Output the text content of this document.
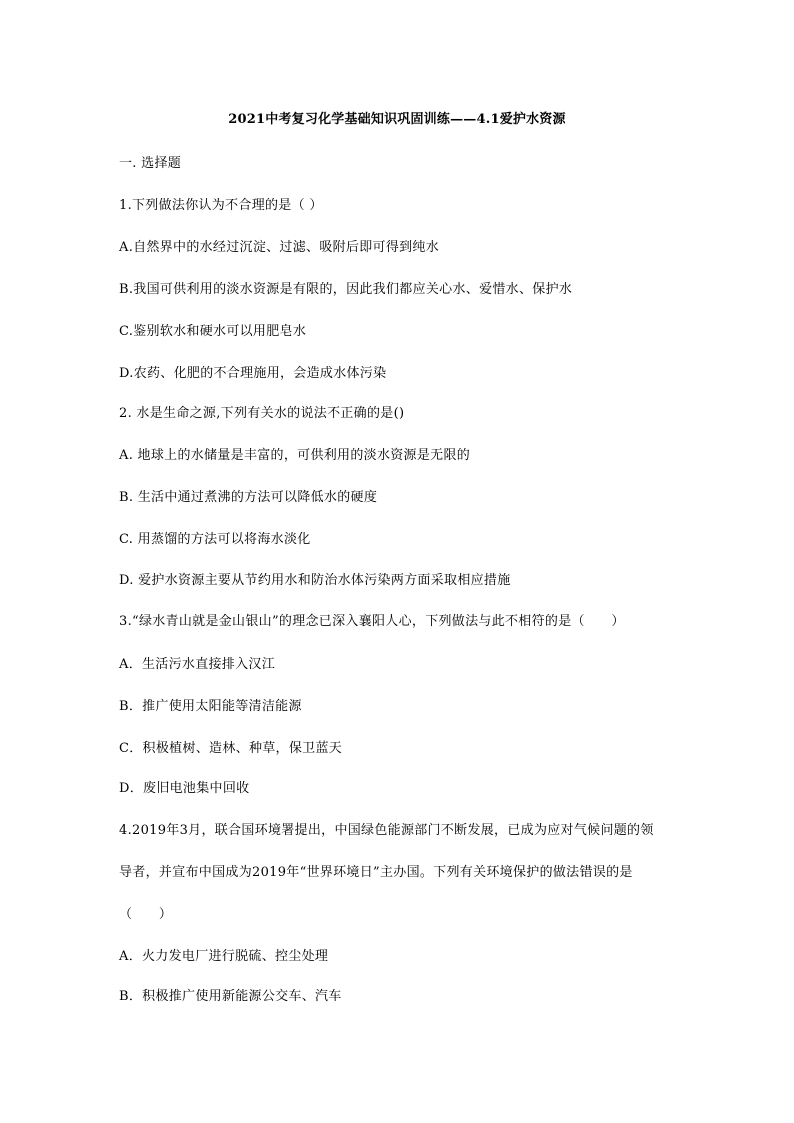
2021中考复习化学基础知识巩固训练——4.1爱护水资源
一. 选择题
1.下列做法你认为不合理的是（ ）
A.自然界中的水经过沉淀、过滤、吸附后即可得到纯水
B.我国可供利用的淡水资源是有限的，因此我们都应关心水、爱惜水、保护水
C.鉴别软水和硬水可以用肥皂水
D.农药、化肥的不合理施用，会造成水体污染
2. 水是生命之源,下列有关水的说法不正确的是()
A. 地球上的水储量是丰富的，可供利用的淡水资源是无限的
B. 生活中通过煮沸的方法可以降低水的硬度
C. 用蒸馏的方法可以将海水淡化
D. 爱护水资源主要从节约用水和防治水体污染两方面采取相应措施
3.“绿水青山就是金山银山”的理念已深入襄阳人心，下列做法与此不相符的是（　　）
A．生活污水直接排入汉江
B．推广使用太阳能等清洁能源
C．积极植树、造林、种草，保卫蓝天
D．废旧电池集中回收
4.2019年3月，联合国环境署提出，中国绿色能源部门不断发展，已成为应对气候问题的领
导者，并宣布中国成为2019年“世界环境日”主办国。下列有关环境保护的做法错误的是
（　　）
A．火力发电厂进行脱硫、控尘处理
B．积极推广使用新能源公交车、汽车
